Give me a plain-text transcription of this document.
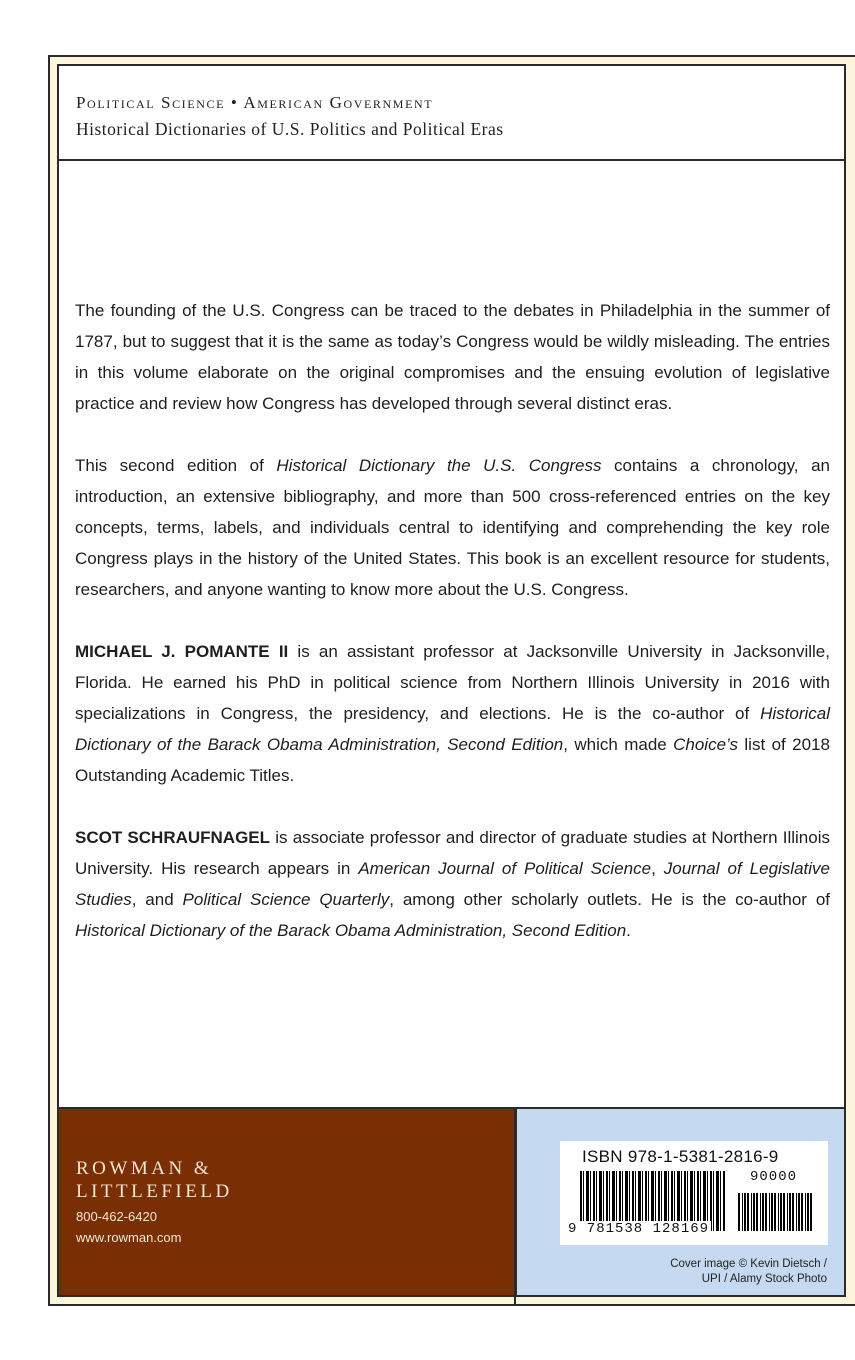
Political Science • American Government
Historical Dictionaries of U.S. Politics and Political Eras

The founding of the U.S. Congress can be traced to the debates in Philadelphia in the summer of 1787, but to suggest that it is the same as today’s Congress would be wildly misleading. The entries in this volume elaborate on the original compromises and the ensuing evolution of legislative practice and review how Congress has developed through several distinct eras.

This second edition of Historical Dictionary the U.S. Congress contains a chronology, an introduction, an extensive bibliography, and more than 500 cross-referenced entries on the key concepts, terms, labels, and individuals central to identifying and comprehending the key role Congress plays in the history of the United States. This book is an excellent resource for students, researchers, and anyone wanting to know more about the U.S. Congress.

MICHAEL J. POMANTE II is an assistant professor at Jacksonville University in Jacksonville, Florida. He earned his PhD in political science from Northern Illinois University in 2016 with specializations in Congress, the presidency, and elections. He is the co-author of Historical Dictionary of the Barack Obama Administration, Second Edition, which made Choice’s list of 2018 Outstanding Academic Titles.

SCOT SCHRAUFNAGEL is associate professor and director of graduate studies at Northern Illinois University. His research appears in American Journal of Political Science, Journal of Legislative Studies, and Political Science Quarterly, among other scholarly outlets. He is the co-author of Historical Dictionary of the Barack Obama Administration, Second Edition.

ROWMAN &
LITTLEFIELD
800-462-6420
www.rowman.com
ISBN 978-1-5381-2816-9
90000
9 781538 128169
Cover image © Kevin Dietsch /
UPI / Alamy Stock Photo
